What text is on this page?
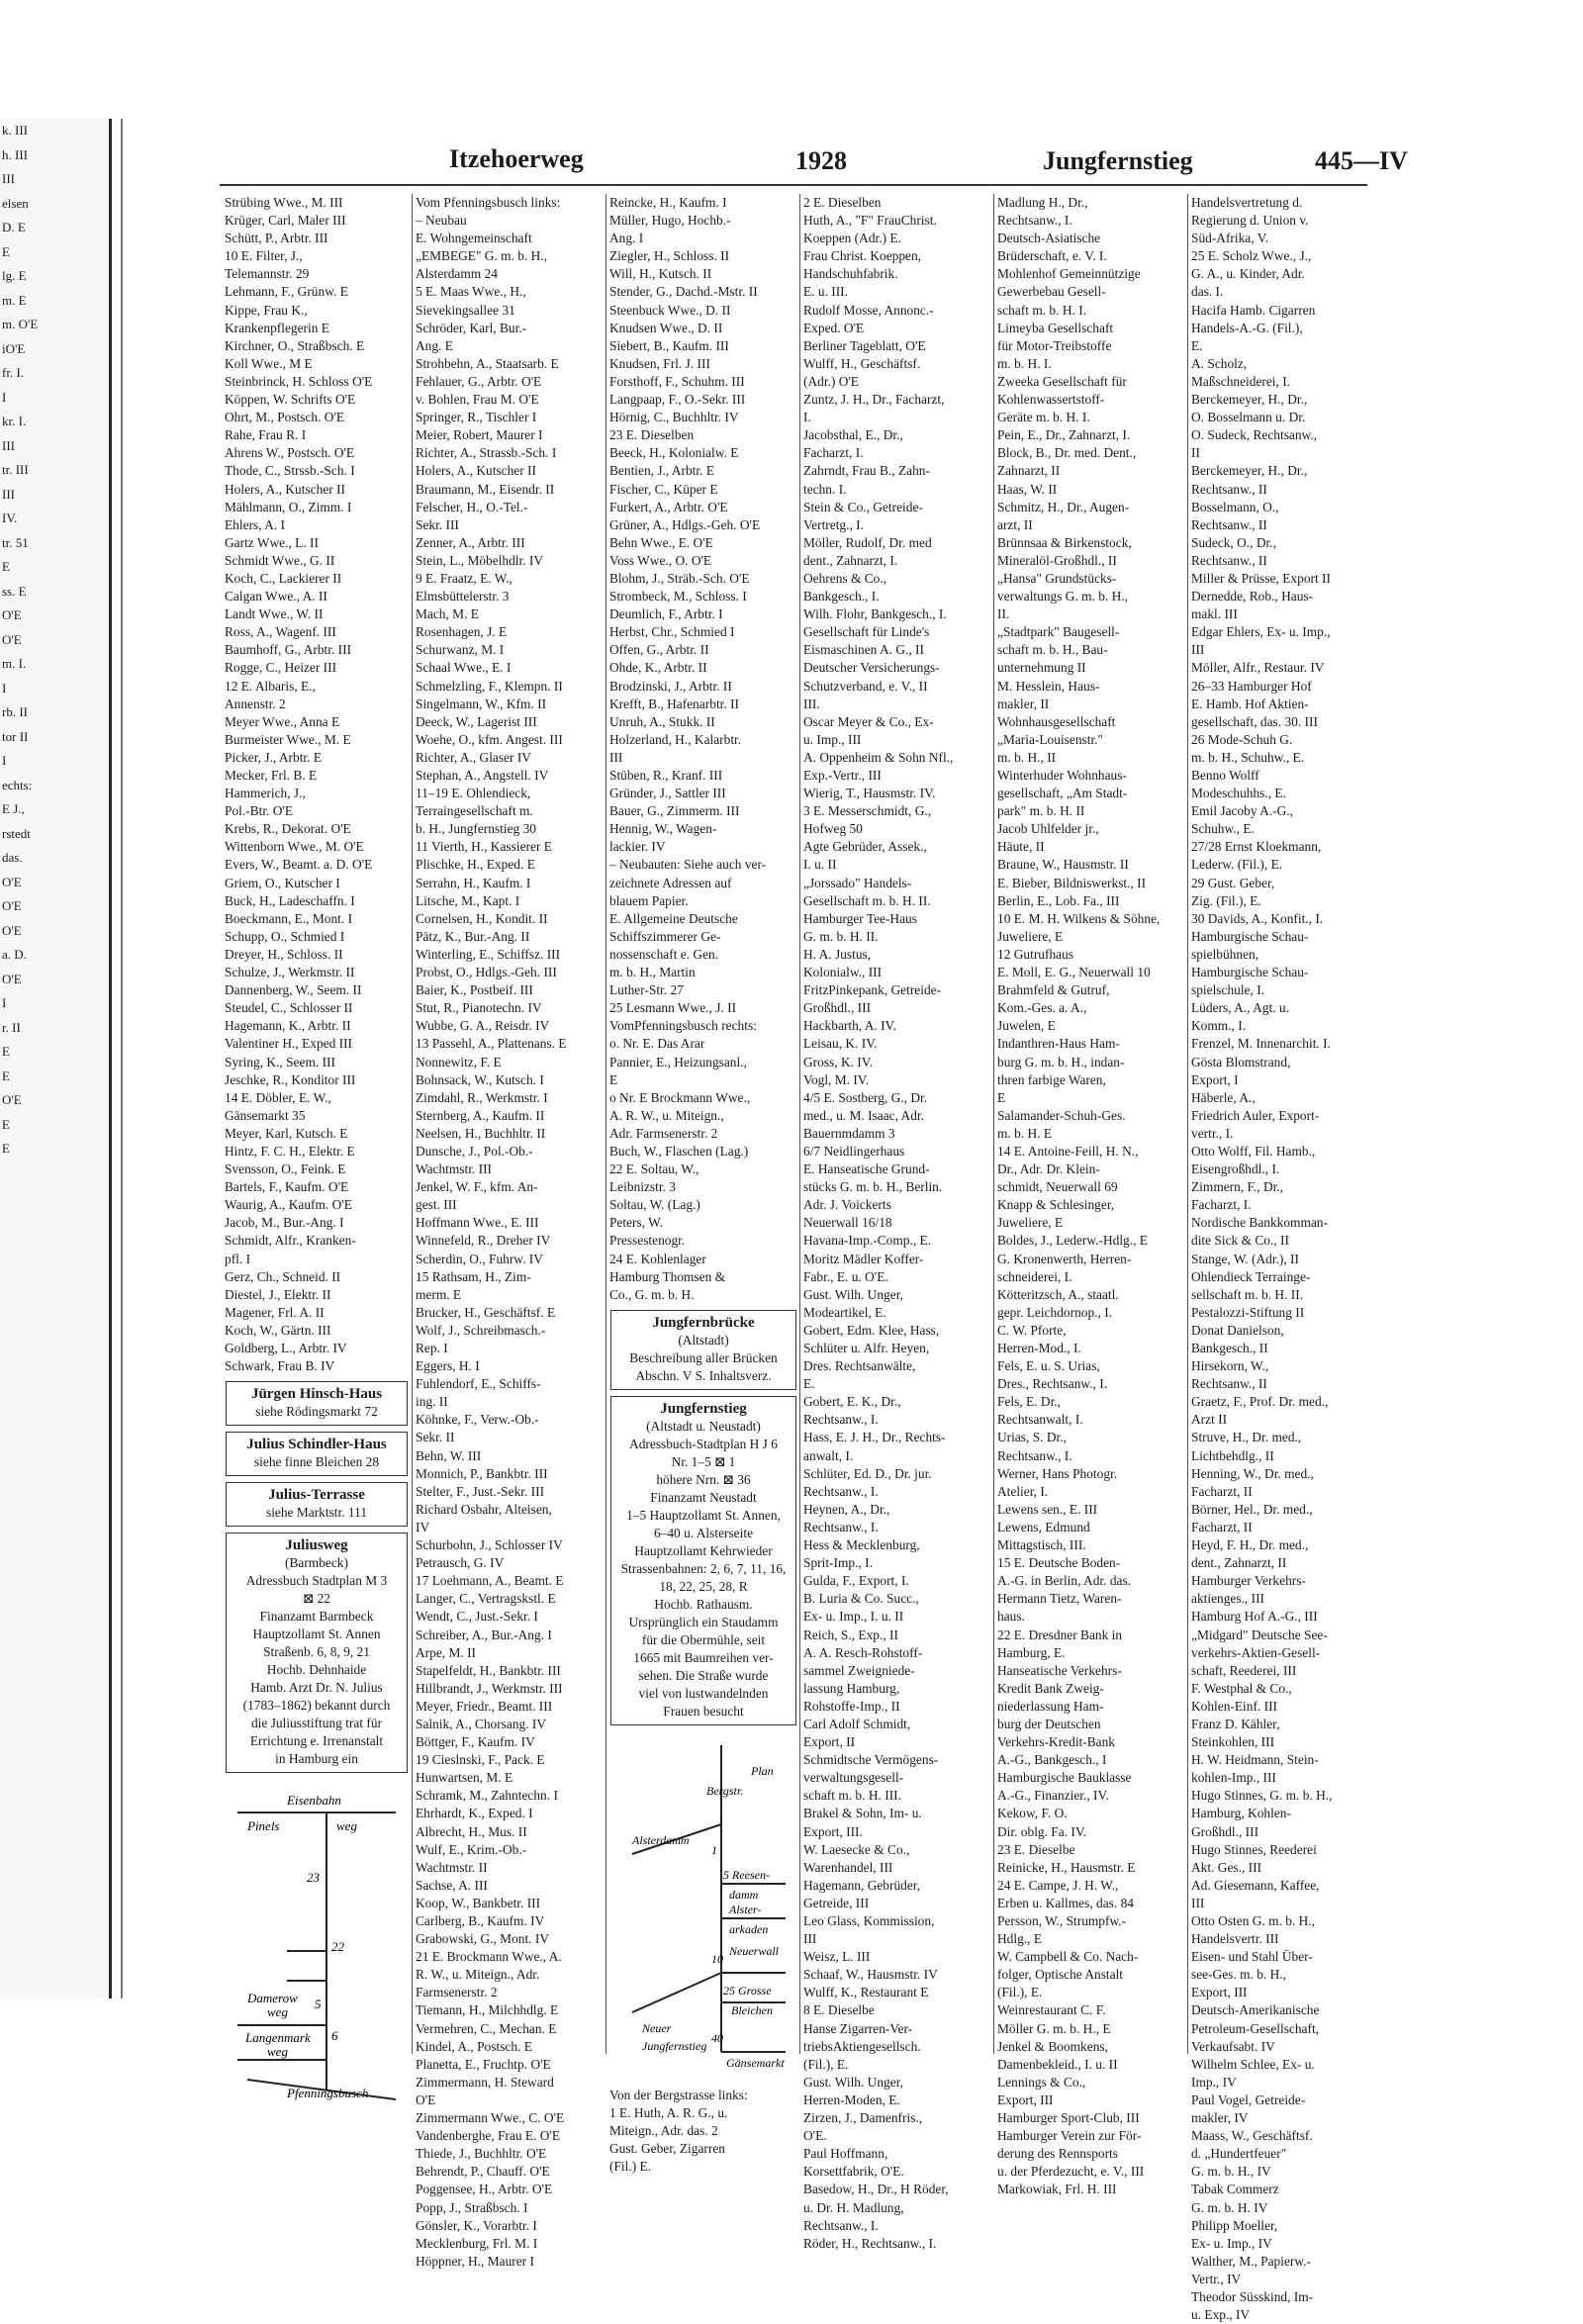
k. III
h. III
III
elsen
D. E
E
lg. E
m. E
m. O'E
iO'E
fr. I.
I
kr. I.
III
tr. III
III
IV.
tr. 51
E
ss. E
O'E
O'E
m. I.
I
rb. II
tor II
I
echts:
E J.,
rstedt
das.
O'E
O'E
O'E
a. D.
O'E
I
r. II
E
E
O'E
E
E
Itzehoerweg	1928	Jungfernstieg	445—IV
Strübing Wwe., M. III
Krüger, Carl, Maler III
Schütt, P., Arbtr. III
10 E. Filter, J.,
Telemannstr. 29
Lehmann, F., Grünw. E
Kippe, Frau K.,
Krankenpflegerin E
Kirchner, O., Straßbsch. E
Koll Wwe., M E
Steinbrinck, H. Schloss O'E
Köppen, W. Schrifts O'E
Ohrt, M., Postsch. O'E
Rahe, Frau R. I
Ahrens W., Postsch. O'E
Thode, C., Strssb.-Sch. I
Holers, A., Kutscher II
Mählmann, O., Zimm. I
Ehlers, A. I
Gartz Wwe., L. II
Schmidt Wwe., G. II
Koch, C., Lackierer II
Calgan Wwe., A. II
Landt Wwe., W. II
Ross, A., Wagenf. III
Baumhoff, G., Arbtr. III
Rogge, C., Heizer III
12 E. Albaris, E.,
Annenstr. 2
Meyer Wwe., Anna E
Burmeister Wwe., M. E
Picker, J., Arbtr. E
Mecker, Frl. B. E
Hammerich, J.,
Pol.-Btr. O'E
Krebs, R., Dekorat. O'E
Wittenborn Wwe., M. O'E
Evers, W., Beamt. a. D. O'E
Griem, O., Kutscher I
Buck, H., Ladeschaffn. I
Boeckmann, E., Mont. I
Schupp, O., Schmied I
Dreyer, H., Schloss. II
Schulze, J., Werkmstr. II
Dannenberg, W., Seem. II
Steudel, C., Schlosser II
Hagemann, K., Arbtr. II
Valentiner H., Exped III
Syring, K., Seem. III
Jeschke, R., Konditor III
14 E. Döbler, E. W.,
Gänsemarkt 35
Meyer, Karl, Kutsch. E
Hintz, F. C. H., Elektr. E
Svensson, O., Feink. E
Bartels, F., Kaufm. O'E
Waurig, A., Kaufm. O'E
Jacob, M., Bur.-Ang. I
Schmidt, Alfr., Kranken-
pfl. I
Gerz, Ch., Schneid. II
Diestel, J., Elektr. II
Magener, Frl. A. II
Koch, W., Gärtn. III
Goldberg, L., Arbtr. IV
Schwark, Frau B. IV
Jürgen Hinsch-Haus
siehe Rödingsmarkt 72
Julius Schindler-Haus
siehe finne Bleichen 28
Julius-Terrasse
siehe Marktstr. 111
Juliusweg
(Barmbeck)
Adressbuch Stadtplan M 3
⊠ 22
Finanzamt Barmbeck
Hauptzollamt St. Annen
Straßenb. 6, 8, 9, 21
Hochb. Dehnhaide
Hamb. Arzt Dr. N. Julius
(1783–1862) bekannt durch
die Juliusstiftung trat für
Errichtung e. Irrenanstalt
in Hamburg ein
Eisenbahn
Pinels	weg
23
22
Damerow
weg
5
Langenmark
weg
6
Pfenningsbusch
Vom Pfenningsbusch links:
– Neubau
E. Wohngemeinschaft
„EMBEGE" G. m. b. H.,
Alsterdamm 24
5 E. Maas Wwe., H.,
Sievekingsallee 31
Schröder, Karl, Bur.-
Ang. E
Strohbehn, A., Staatsarb. E
Fehlauer, G., Arbtr. O'E
v. Bohlen, Frau M. O'E
Springer, R., Tischler I
Meier, Robert, Maurer I
Richter, A., Strassb.-Sch. I
Holers, A., Kutscher II
Braumann, M., Eisendr. II
Felscher, H., O.-Tel.-
Sekr. III
Zenner, A., Arbtr. III
Stein, L., Möbelhdlr. IV
9 E. Fraatz, E. W.,
Elmsbüttelerstr. 3
Mach, M. E
Rosenhagen, J. E
Schurwanz, M. I
Schaal Wwe., E. I
Schmelzling, F., Klempn. II
Singelmann, W., Kfm. II
Deeck, W., Lagerist III
Woehe, O., kfm. Angest. III
Richter, A., Glaser IV
Stephan, A., Angstell. IV
11–19 E. Ohlendieck,
Terraingesellschaft m.
b. H., Jungfernstieg 30
11 Vierth, H., Kassierer E
Plischke, H., Exped. E
Serrahn, H., Kaufm. I
Litsche, M., Kapt. I
Cornelsen, H., Kondit. II
Pätz, K., Bur.-Ang. II
Winterling, E., Schiffsz. III
Probst, O., Hdlgs.-Geh. III
Baier, K., Postbeif. III
Stut, R., Pianotechn. IV
Wubbe, G. A., Reisdr. IV
13 Passehl, A., Plattenans. E
Nonnewitz, F. E
Bohnsack, W., Kutsch. I
Zimdahl, R., Werkmstr. I
Sternberg, A., Kaufm. II
Neelsen, H., Buchhltr. II
Dunsche, J., Pol.-Ob.-
Wachtmstr. III
Jenkel, W. F., kfm. An-
gest. III
Hoffmann Wwe., E. III
Winnefeld, R., Dreher IV
Scherdin, O., Fuhrw. IV
15 Rathsam, H., Zim-
merm. E
Brucker, H., Geschäftsf. E
Wolf, J., Schreibmasch.-
Rep. I
Eggers, H. I
Fuhlendorf, E., Schiffs-
ing. II
Köhnke, F., Verw.-Ob.-
Sekr. II
Behn, W. III
Monnich, P., Bankbtr. III
Stelter, F., Just.-Sekr. III
Richard Osbahr, Alteisen,
IV
Schurbohn, J., Schlosser IV
Petrausch, G. IV
17 Loehmann, A., Beamt. E
Langer, C., Vertragskstl. E
Wendt, C., Just.-Sekr. I
Schreiber, A., Bur.-Ang. I
Arpe, M. II
Stapelfeldt, H., Bankbtr. III
Hillbrandt, J., Werkmstr. III
Meyer, Friedr., Beamt. III
Salnik, A., Chorsang. IV
Böttger, F., Kaufm. IV
19 Cieslnski, F., Pack. E
Hunwartsen, M. E
Schramk, M., Zahntechn. I
Ehrhardt, K., Exped. I
Albrecht, H., Mus. II
Wulf, E., Krim.-Ob.-
Wachtmstr. II
Sachse, A. III
Koop, W., Bankbetr. III
Carlberg, B., Kaufm. IV
Grabowski, G., Mont. IV
21 E. Brockmann Wwe., A.
R. W., u. Miteign., Adr.
Farmsenerstr. 2
Tiemann, H., Milchhdlg. E
Vermehren, C., Mechan. E
Kindel, A., Postsch. E
Planetta, E., Fruchtp. O'E
Zimmermann, H. Steward
O'E
Zimmermann Wwe., C. O'E
Vandenberghe, Frau E. O'E
Thiede, J., Buchhltr. O'E
Behrendt, P., Chauff. O'E
Poggensee, H., Arbtr. O'E
Popp, J., Straßbsch. I
Gönsler, K., Vorarbtr. I
Mecklenburg, Frl. M. I
Höppner, H., Maurer I
Reincke, H., Kaufm. I
Müller, Hugo, Hochb.-
Ang. I
Ziegler, H., Schloss. II
Will, H., Kutsch. II
Stender, G., Dachd.-Mstr. II
Steenbuck Wwe., D. II
Knudsen Wwe., D. II
Siebert, B., Kaufm. III
Knudsen, Frl. J. III
Forsthoff, F., Schuhm. III
Langpaap, F., O.-Sekr. III
Hörnig, C., Buchhltr. IV
23 E. Dieselben
Beeck, H., Kolonialw. E
Bentien, J., Arbtr. E
Fischer, C., Küper E
Furkert, A., Arbtr. O'E
Grüner, A., Hdlgs.-Geh. O'E
Behn Wwe., E. O'E
Voss Wwe., O. O'E
Blohm, J., Sträb.-Sch. O'E
Strombeck, M., Schloss. I
Deumlich, F., Arbtr. I
Herbst, Chr., Schmied I
Offen, G., Arbtr. II
Ohde, K., Arbtr. II
Brodzinski, J., Arbtr. II
Krefft, B., Hafenarbtr. II
Unruh, A., Stukk. II
Holzerland, H., Kalarbtr.
III
Stüben, R., Kranf. III
Gründer, J., Sattler III
Bauer, G., Zimmerm. III
Hennig, W., Wagen-
lackier. IV
– Neubauten: Siehe auch ver-
zeichnete Adressen auf
blauem Papier.
E. Allgemeine Deutsche
Schiffszimmerer Ge-
nossenschaft e. Gen.
m. b. H., Martin
Luther-Str. 27
25 Lesmann Wwe., J. II
VomPfenningsbusch rechts:
o. Nr. E. Das Arar
Pannier, E., Heizungsanl.,
E
o Nr. E Brockmann Wwe.,
A. R. W., u. Miteign.,
Adr. Farmsenerstr. 2
Buch, W., Flaschen (Lag.)
22 E. Soltau, W.,
Leibnizstr. 3
Soltau, W. (Lag.)
Peters, W.
Pressestenogr.
24 E. Kohlenlager
Hamburg Thomsen &
Co., G. m. b. H.
Jungfernbrücke
(Altstadt)
Beschreibung aller Brücken
Abschn. V S. Inhaltsverz.
Jungfernstieg
(Altstadt u. Neustadt)
Adressbuch-Stadtplan H J 6
Nr. 1–5 ⊠ 1
höhere Nrn. ⊠ 36
Finanzamt Neustadt
1–5 Hauptzollamt St. Annen,
6–40 u. Alsterseite
Hauptzollamt Kehrwieder
Strassenbahnen: 2, 6, 7, 11, 16,
18, 22, 25, 28, R
Hochb. Rathausm.
Ursprünglich ein Staudamm
für die Obermühle, seit
1665 mit Baumreihen ver-
sehen. Die Straße wurde
viel von lustwandelnden
Frauen besucht
Bergstr.
Plan
Alsterdamm
1
5 Reesen-
damm
Alster-
arkaden
10
Neuerwall
25 Grosse
Bleichen
40
Neuer
Jungfernstieg
Gänsemarkt
Von der Bergstrasse links:
1 E. Huth, A. R. G., u.
Miteign., Adr. das. 2
Gust. Geber, Zigarren
(Fil.) E.
2 E. Dieselben
Huth, A., "F" FrauChrist.
Koeppen (Adr.) E.
Frau Christ. Koeppen,
Handschuhfabrik.
E. u. III.
Rudolf Mosse, Annonc.-
Exped. O'E
Berliner Tageblatt, O'E
Wulff, H., Geschäftsf.
(Adr.) O'E
Zuntz, J. H., Dr., Facharzt,
I.
Jacobsthal, E., Dr.,
Facharzt, I.
Zahrndt, Frau B., Zahn-
techn. I.
Stein & Co., Getreide-
Vertretg., I.
Möller, Rudolf, Dr. med
dent., Zahnarzt, I.
Oehrens & Co.,
Bankgesch., I.
Wilh. Flohr, Bankgesch., I.
Gesellschaft für Linde's
Eismaschinen A. G., II
Deutscher Versicherungs-
Schutzverband, e. V., II
III.
Oscar Meyer & Co., Ex-
u. Imp., III
A. Oppenheim & Sohn Nfl.,
Exp.-Vertr., III
Wierig, T., Hausmstr. IV.
3 E. Messerschmidt, G.,
Hofweg 50
Agte Gebrüder, Assek.,
I. u. II
„Jorssado" Handels-
Gesellschaft m. b. H. II.
Hamburger Tee-Haus
G. m. b. H. II.
H. A. Justus,
Kolonialw., III
FritzPinkepank, Getreide-
Großhdl., III
Hackbarth, A. IV.
Leisau, K. IV.
Gross, K. IV.
Vogl, M. IV.
4/5 E. Sostberg, G., Dr.
med., u. M. Isaac, Adr.
Bauernmdamm 3
6/7 Neidlingerhaus
E. Hanseatische Grund-
stücks G. m. b. H., Berlin.
Adr. J. Voickerts
Neuerwall 16/18
Havana-Imp.-Comp., E.
Moritz Mädler Koffer-
Fabr., E. u. O'E.
Gust. Wilh. Unger,
Modeartikel, E.
Gobert, Edm. Klee, Hass,
Schlüter u. Alfr. Heyen,
Dres. Rechtsanwälte,
E.
Gobert, E. K., Dr.,
Rechtsanw., I.
Hass, E. J. H., Dr., Rechts-
anwalt, I.
Schlüter, Ed. D., Dr. jur.
Rechtsanw., I.
Heynen, A., Dr.,
Rechtsanw., I.
Hess & Mecklenburg,
Sprit-Imp., I.
Gulda, F., Export, I.
B. Luria & Co. Succ.,
Ex- u. Imp., I. u. II
Reich, S., Exp., II
A. A. Resch-Rohstoff-
sammel Zweigniede-
lassung Hamburg,
Rohstoffe-Imp., II
Carl Adolf Schmidt,
Export, II
Schmidtsche Vermögens-
verwaltungsgesell-
schaft m. b. H. III.
Brakel & Sohn, Im- u.
Export, III.
W. Laesecke & Co.,
Warenhandel, III
Hagemann, Gebrüder,
Getreide, III
Leo Glass, Kommission,
III
Weisz, L. III
Schaaf, W., Hausmstr. IV
Wulff, K., Restaurant E
8 E. Dieselbe
Hanse Zigarren-Ver-
triebsAktiengesellsch.
(Fil.), E.
Gust. Wilh. Unger,
Herren-Moden, E.
Zirzen, J., Damenfris.,
O'E.
Paul Hoffmann,
Korsettfabrik, O'E.
Basedow, H., Dr., H Röder,
u. Dr. H. Madlung,
Rechtsanw., I.
Röder, H., Rechtsanw., I.
Madlung H., Dr.,
Rechtsanw., I.
Deutsch-Asiatische
Brüderschaft, e. V. I.
Mohlenhof Gemeinnützige
Gewerbebau Gesell-
schaft m. b. H. I.
Limeyba Gesellschaft
für Motor-Treibstoffe
m. b. H. I.
Zweeka Gesellschaft für
Kohlenwassertstoff-
Geräte m. b. H. I.
Pein, E., Dr., Zahnarzt, I.
Block, B., Dr. med. Dent.,
Zahnarzt, II
Haas, W. II
Schmitz, H., Dr., Augen-
arzt, II
Brünnsaa & Birkenstock,
Mineralöl-Großhdl., II
„Hansa" Grundstücks-
verwaltungs G. m. b. H.,
II.
„Stadtpark" Baugesell-
schaft m. b. H., Bau-
unternehmung II
M. Hesslein, Haus-
makler, II
Wohnhausgesellschaft
„Maria-Louisenstr."
m. b. H., II
Winterhuder Wohnhaus-
gesellschaft, „Am Stadt-
park" m. b. H. II
Jacob Uhlfelder jr.,
Häute, II
Braune, W., Hausmstr. II
E. Bieber, Bildniswerkst., II
Berlin, E., Lob. Fa., III
10 E. M. H. Wilkens & Söhne,
Juweliere, E
12 Gutrufhaus
E. Moll, E. G., Neuerwall 10
Brahmfeld & Gutruf,
Kom.-Ges. a. A.,
Juwelen, E
Indanthren-Haus Ham-
burg G. m. b. H., indan-
thren farbige Waren,
E
Salamander-Schuh-Ges.
m. b. H. E
14 E. Antoine-Feill, H. N.,
Dr., Adr. Dr. Klein-
schmidt, Neuerwall 69
Knapp & Schlesinger,
Juweliere, E
Boldes, J., Lederw.-Hdlg., E
G. Kronenwerth, Herren-
schneiderei, I.
Kötteritzsch, A., staatl.
gepr. Leichdornop., I.
C. W. Pforte,
Herren-Mod., I.
Fels, E. u. S. Urias,
Dres., Rechtsanw., I.
Fels, E. Dr.,
Rechtsanwalt, I.
Urias, S. Dr.,
Rechtsanw., I.
Werner, Hans Photogr.
Atelier, I.
Lewens sen., E. III
Lewens, Edmund
Mittagstisch, III.
15 E. Deutsche Boden-
A.-G. in Berlin, Adr. das.
Hermann Tietz, Waren-
haus.
22 E. Dresdner Bank in
Hamburg, E.
Hanseatische Verkehrs-
Kredit Bank Zweig-
niederlassung Ham-
burg der Deutschen
Verkehrs-Kredit-Bank
A.-G., Bankgesch., I
Hamburgische Bauklasse
A.-G., Finanzier., IV.
Kekow, F. O.
Dir. oblg. Fa. IV.
23 E. Dieselbe
Reinicke, H., Hausmstr. E
24 E. Campe, J. H. W.,
Erben u. Kallmes, das. 84
Persson, W., Strumpfw.-
Hdlg., E
W. Campbell & Co. Nach-
folger, Optische Anstalt
(Fil.), E.
Weinrestaurant C. F.
Möller G. m. b. H., E
Jenkel & Boomkens,
Damenbekleid., I. u. II
Lennings & Co.,
Export, III
Hamburger Sport-Club, III
Hamburger Verein zur För-
derung des Rennsports
u. der Pferdezucht, e. V., III
Markowiak, Frl. H. III
Handelsvertretung d.
Regierung d. Union v.
Süd-Afrika, V.
25 E. Scholz Wwe., J.,
G. A., u. Kinder, Adr.
das. I.
Hacifa Hamb. Cigarren
Handels-A.-G. (Fil.),
E.
A. Scholz,
Maßschneiderei, I.
Berckemeyer, H., Dr.,
O. Bosselmann u. Dr.
O. Sudeck, Rechtsanw.,
II
Berckemeyer, H., Dr.,
Rechtsanw., II
Bosselmann, O.,
Rechtsanw., II
Sudeck, O., Dr.,
Rechtsanw., II
Miller & Prüsse, Export II
Dernedde, Rob., Haus-
makl. III
Edgar Ehlers, Ex- u. Imp.,
III
Möller, Alfr., Restaur. IV
26–33 Hamburger Hof
E. Hamb. Hof Aktien-
gesellschaft, das. 30. III
26 Mode-Schuh G.
m. b. H., Schuhw., E.
Benno Wolff
Modeschuhhs., E.
Emil Jacoby A.-G.,
Schuhw., E.
27/28 Ernst Kloekmann,
Lederw. (Fil.), E.
29 Gust. Geber,
Zig. (Fil.), E.
30 Davids, A., Konfit., I.
Hamburgische Schau-
spielbühnen,
Hamburgische Schau-
spielschule, I.
Lüders, A., Agt. u.
Komm., I.
Frenzel, M. Innenarchit. I.
Gösta Blomstrand,
Export, I
Häberle, A.,
Friedrich Auler, Export-
vertr., I.
Otto Wolff, Fil. Hamb.,
Eisengroßhdl., I.
Zimmern, F., Dr.,
Facharzt, I.
Nordische Bankkomman-
dite Sick & Co., II
Stange, W. (Adr.), II
Ohlendieck Terrainge-
sellschaft m. b. H. II.
Pestalozzi-Stiftung II
Donat Danielson,
Bankgesch., II
Hirsekorn, W.,
Rechtsanw., II
Graetz, F., Prof. Dr. med.,
Arzt II
Struve, H., Dr. med.,
Lichtbehdlg., II
Henning, W., Dr. med.,
Facharzt, II
Börner, Hel., Dr. med.,
Facharzt, II
Heyd, F. H., Dr. med.,
dent., Zahnarzt, II
Hamburger Verkehrs-
aktienges., III
Hamburg Hof A.-G., III
„Midgard" Deutsche See-
verkehrs-Aktien-Gesell-
schaft, Reederei, III
F. Westphal & Co.,
Kohlen-Einf. III
Franz D. Kähler,
Steinkohlen, III
H. W. Heidmann, Stein-
kohlen-Imp., III
Hugo Stinnes, G. m. b. H.,
Hamburg, Kohlen-
Großhdl., III
Hugo Stinnes, Reederei
Akt. Ges., III
Ad. Giesemann, Kaffee,
III
Otto Osten G. m. b. H.,
Handelsvertr. III
Eisen- und Stahl Über-
see-Ges. m. b. H.,
Export, III
Deutsch-Amerikanische
Petroleum-Gesellschaft,
Verkaufsabt. IV
Wilhelm Schlee, Ex- u.
Imp., IV
Paul Vogel, Getreide-
makler, IV
Maass, W., Geschäftsf.
d. „Hundertfeuer"
G. m. b. H., IV
Tabak Commerz
G. m. b. H. IV
Philipp Moeller,
Ex- u. Imp., IV
Walther, M., Papierw.-
Vertr., IV
Theodor Süsskind, Im-
u. Exp., IV
